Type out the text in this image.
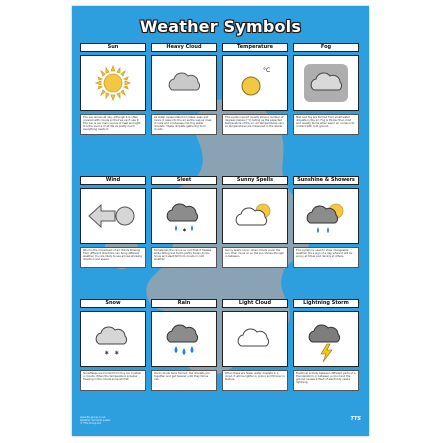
Weather Symbols
Sun
The sun shines all day, although it is often covered with clouds so that we can't see it. The sun is our main source of heat and light. It is the source of all life as pretty much everything needs it.
Heavy Cloud
As water evaporates from lakes, seas and rivers it rises into the air as the vapour rises it cools and condenses into tiny water droplets. These droplets gathering form clouds.
Temperature
°C
This symbol would usually show a number of degrees Celsius (°C) telling us the expected temperature of the air. Air temperatures vary so temperatures are measured in the shade.
Fog
Mist and fog are formed from small water droplets in the air. Fog is thicker than mist and usually forms when warm air comes into contact with cold ground.
Wind
Wind is the movement of air. Winds blowing from different directions can bring different weather. You are likely to see arrows showing direction and speed.
Sleet
*
Sometimes the rain is so cold that it freezes while falling and forms partly frozen drops. Snow and sleet fall from clouds in cold weather.
Sunny Spells
Sunny spells occur, when clouds cover the sun, then move on so the sun shines through in between.
Sunshine & Showers
This symbol is used to show changeable weather. It's a sign of a day where it will be sunny at times and raining at others.
Snow
* *
Snowflakes are formed from tiny ice crystals in clouds. When the temperature is below freezing in the clouds snow will fall.
Rain
Once clouds have formed, the droplets join together and get heavier until they fall as rain.
Light Cloud
When there are fewer water droplets in a cloud, it will be lighter in colour and thinner in texture.
Lightning Storm
Electrical activity between different parts of a thunderstorm or between a cloud and the ground causes a flash of electricity called lightning.
www.tts-group.co.uk
Weather Symbols poster
© TTS Group Ltd
TTS
